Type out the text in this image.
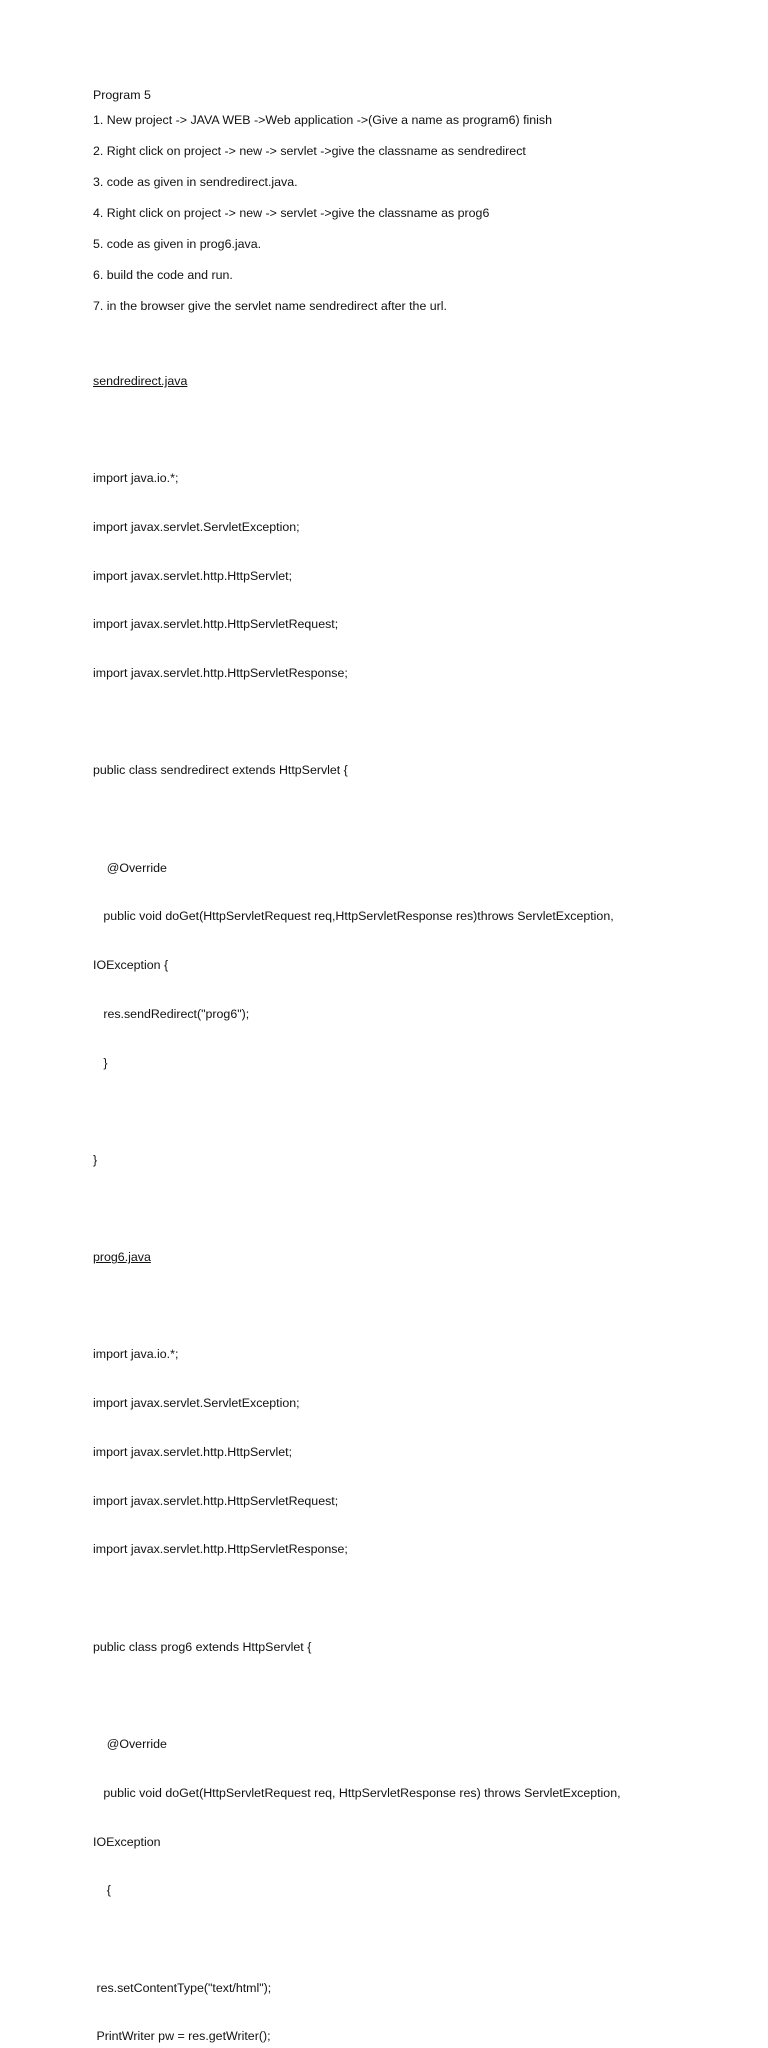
Program 5
1. New project -> JAVA WEB ->Web application ->(Give a name as program6) finish
2. Right click on project -> new -> servlet ->give the classname as sendredirect
3. code as given in sendredirect.java.
4. Right click on project -> new -> servlet ->give the classname as prog6
5. code as given in prog6.java.
6. build the code and run.
7. in the browser give the servlet name sendredirect after the url.
sendredirect.java

import java.io.*;

import javax.servlet.ServletException;

import javax.servlet.http.HttpServlet;

import javax.servlet.http.HttpServletRequest;

import javax.servlet.http.HttpServletResponse;

public class sendredirect extends HttpServlet {

@Override

public void doGet(HttpServletRequest req,HttpServletResponse res)throws ServletException,

IOException {

res.sendRedirect("prog6");

}

}

prog6.java

import java.io.*;

import javax.servlet.ServletException;

import javax.servlet.http.HttpServlet;

import javax.servlet.http.HttpServletRequest;

import javax.servlet.http.HttpServletResponse;

public class prog6 extends HttpServlet {

@Override

public void doGet(HttpServletRequest req, HttpServletResponse res) throws ServletException,

IOException

{

res.setContentType("text/html");

PrintWriter pw = res.getWriter();
